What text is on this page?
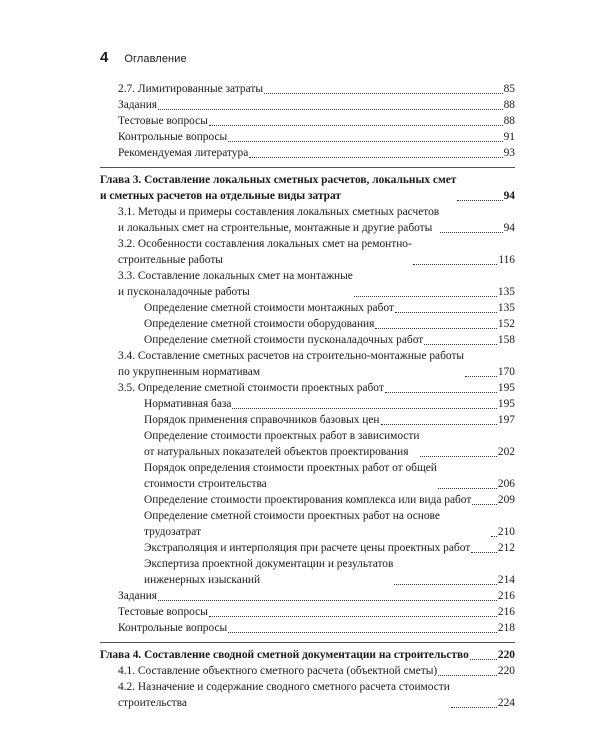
4 Оглавление
2.7. Лимитированные затраты	85
Задания	88
Тестовые вопросы	88
Контрольные вопросы	91
Рекомендуемая литература	93
Глава 3. Составление локальных сметных расчетов, локальных смет
и сметных расчетов на отдельные виды затрат	94
3.1. Методы и примеры составления локальных сметных расчетов
и локальных смет на строительные, монтажные и другие работы	94
3.2. Особенности составления локальных смет на ремонтно-
строительные работы	116
3.3. Составление локальных смет на монтажные
и пусконаладочные работы	135
Определение сметной стоимости монтажных работ	135
Определение сметной стоимости оборудования	152
Определение сметной стоимости пусконаладочных работ	158
3.4. Составление сметных расчетов на строительно-монтажные работы
по укрупненным нормативам	170
3.5. Определение сметной стоимости проектных работ	195
Нормативная база	195
Порядок применения справочников базовых цен	197
Определение стоимости проектных работ в зависимости
от натуральных показателей объектов проектирования	202
Порядок определения стоимости проектных работ от общей
стоимости строительства	206
Определение стоимости проектирования комплекса или вида работ 209
Определение сметной стоимости проектных работ на основе трудозатрат	210
Экстраполяция и интерполяция при расчете цены проектных работ 212
Экспертиза проектной документации и результатов
инженерных изысканий	214
Задания	216
Тестовые вопросы	216
Контрольные вопросы	218
Глава 4. Составление сводной сметной документации на строительство	220
4.1. Составление объектного сметного расчета (объектной сметы)	220
4.2. Назначение и содержание сводного сметного расчета стоимости
строительства	224
